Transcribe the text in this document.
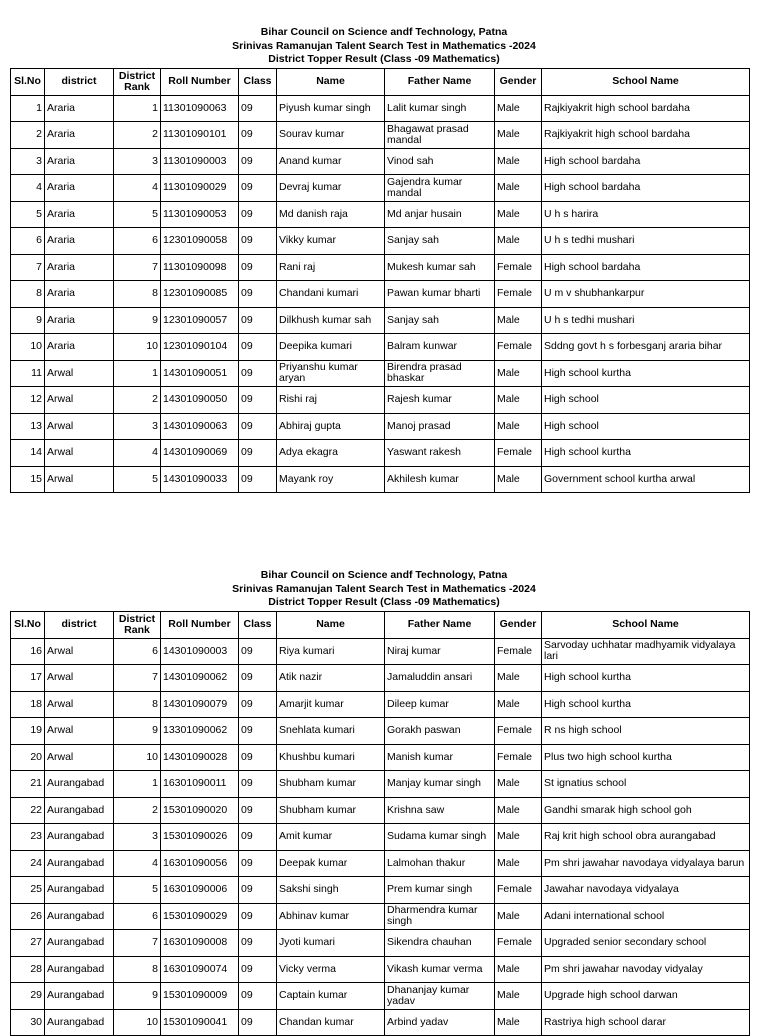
Bihar Council on Science andf Technology, Patna
Srinivas Ramanujan Talent Search Test in Mathematics -2024
District Topper Result (Class -09 Mathematics)
Sl.No	district	District Rank	Roll Number	Class	Name	Father Name	Gender	School Name
1	Araria	1	11301090063	09	Piyush kumar singh	Lalit kumar singh	Male	Rajkiyakrit high school bardaha
2	Araria	2	11301090101	09	Sourav kumar	Bhagawat prasad mandal	Male	Rajkiyakrit high school bardaha
3	Araria	3	11301090003	09	Anand kumar	Vinod sah	Male	High school bardaha
4	Araria	4	11301090029	09	Devraj kumar	Gajendra kumar mandal	Male	High school bardaha
5	Araria	5	11301090053	09	Md danish raja	Md anjar husain	Male	U h s harira
6	Araria	6	12301090058	09	Vikky kumar	Sanjay sah	Male	U h s tedhi mushari
7	Araria	7	11301090098	09	Rani raj	Mukesh kumar sah	Female	High school bardaha
8	Araria	8	12301090085	09	Chandani kumari	Pawan kumar bharti	Female	U m v shubhankarpur
9	Araria	9	12301090057	09	Dilkhush kumar sah	Sanjay sah	Male	U h s tedhi mushari
10	Araria	10	12301090104	09	Deepika kumari	Balram kunwar	Female	Sddng govt h s forbesganj araria bihar
11	Arwal	1	14301090051	09	Priyanshu kumar aryan	Birendra prasad bhaskar	Male	High school kurtha
12	Arwal	2	14301090050	09	Rishi raj	Rajesh kumar	Male	High school
13	Arwal	3	14301090063	09	Abhiraj gupta	Manoj prasad	Male	High school
14	Arwal	4	14301090069	09	Adya ekagra	Yaswant rakesh	Female	High school kurtha
15	Arwal	5	14301090033	09	Mayank roy	Akhilesh kumar	Male	Government school kurtha arwal
Bihar Council on Science andf Technology, Patna
Srinivas Ramanujan Talent Search Test in Mathematics -2024
District Topper Result (Class -09 Mathematics)
Sl.No	district	District Rank	Roll Number	Class	Name	Father Name	Gender	School Name
16	Arwal	6	14301090003	09	Riya kumari	Niraj kumar	Female	Sarvoday uchhatar madhyamik vidyalaya lari
17	Arwal	7	14301090062	09	Atik nazir	Jamaluddin ansari	Male	High school kurtha
18	Arwal	8	14301090079	09	Amarjit kumar	Dileep kumar	Male	High school kurtha
19	Arwal	9	13301090062	09	Snehlata kumari	Gorakh paswan	Female	R ns high school
20	Arwal	10	14301090028	09	Khushbu kumari	Manish kumar	Female	Plus two high school kurtha
21	Aurangabad	1	16301090011	09	Shubham kumar	Manjay kumar singh	Male	St ignatius school
22	Aurangabad	2	15301090020	09	Shubham kumar	Krishna saw	Male	Gandhi smarak high school goh
23	Aurangabad	3	15301090026	09	Amit kumar	Sudama kumar singh	Male	Raj krit high school obra aurangabad
24	Aurangabad	4	16301090056	09	Deepak kumar	Lalmohan thakur	Male	Pm shri jawahar navodaya vidyalaya barun
25	Aurangabad	5	16301090006	09	Sakshi singh	Prem kumar singh	Female	Jawahar navodaya vidyalaya
26	Aurangabad	6	15301090029	09	Abhinav kumar	Dharmendra kumar singh	Male	Adani international school
27	Aurangabad	7	16301090008	09	Jyoti kumari	Sikendra chauhan	Female	Upgraded senior secondary school
28	Aurangabad	8	16301090074	09	Vicky verma	Vikash kumar verma	Male	Pm shri jawahar navoday vidyalay
29	Aurangabad	9	15301090009	09	Captain kumar	Dhananjay kumar yadav	Male	Upgrade high school darwan
30	Aurangabad	10	15301090041	09	Chandan kumar	Arbind yadav	Male	Rastriya high school darar
